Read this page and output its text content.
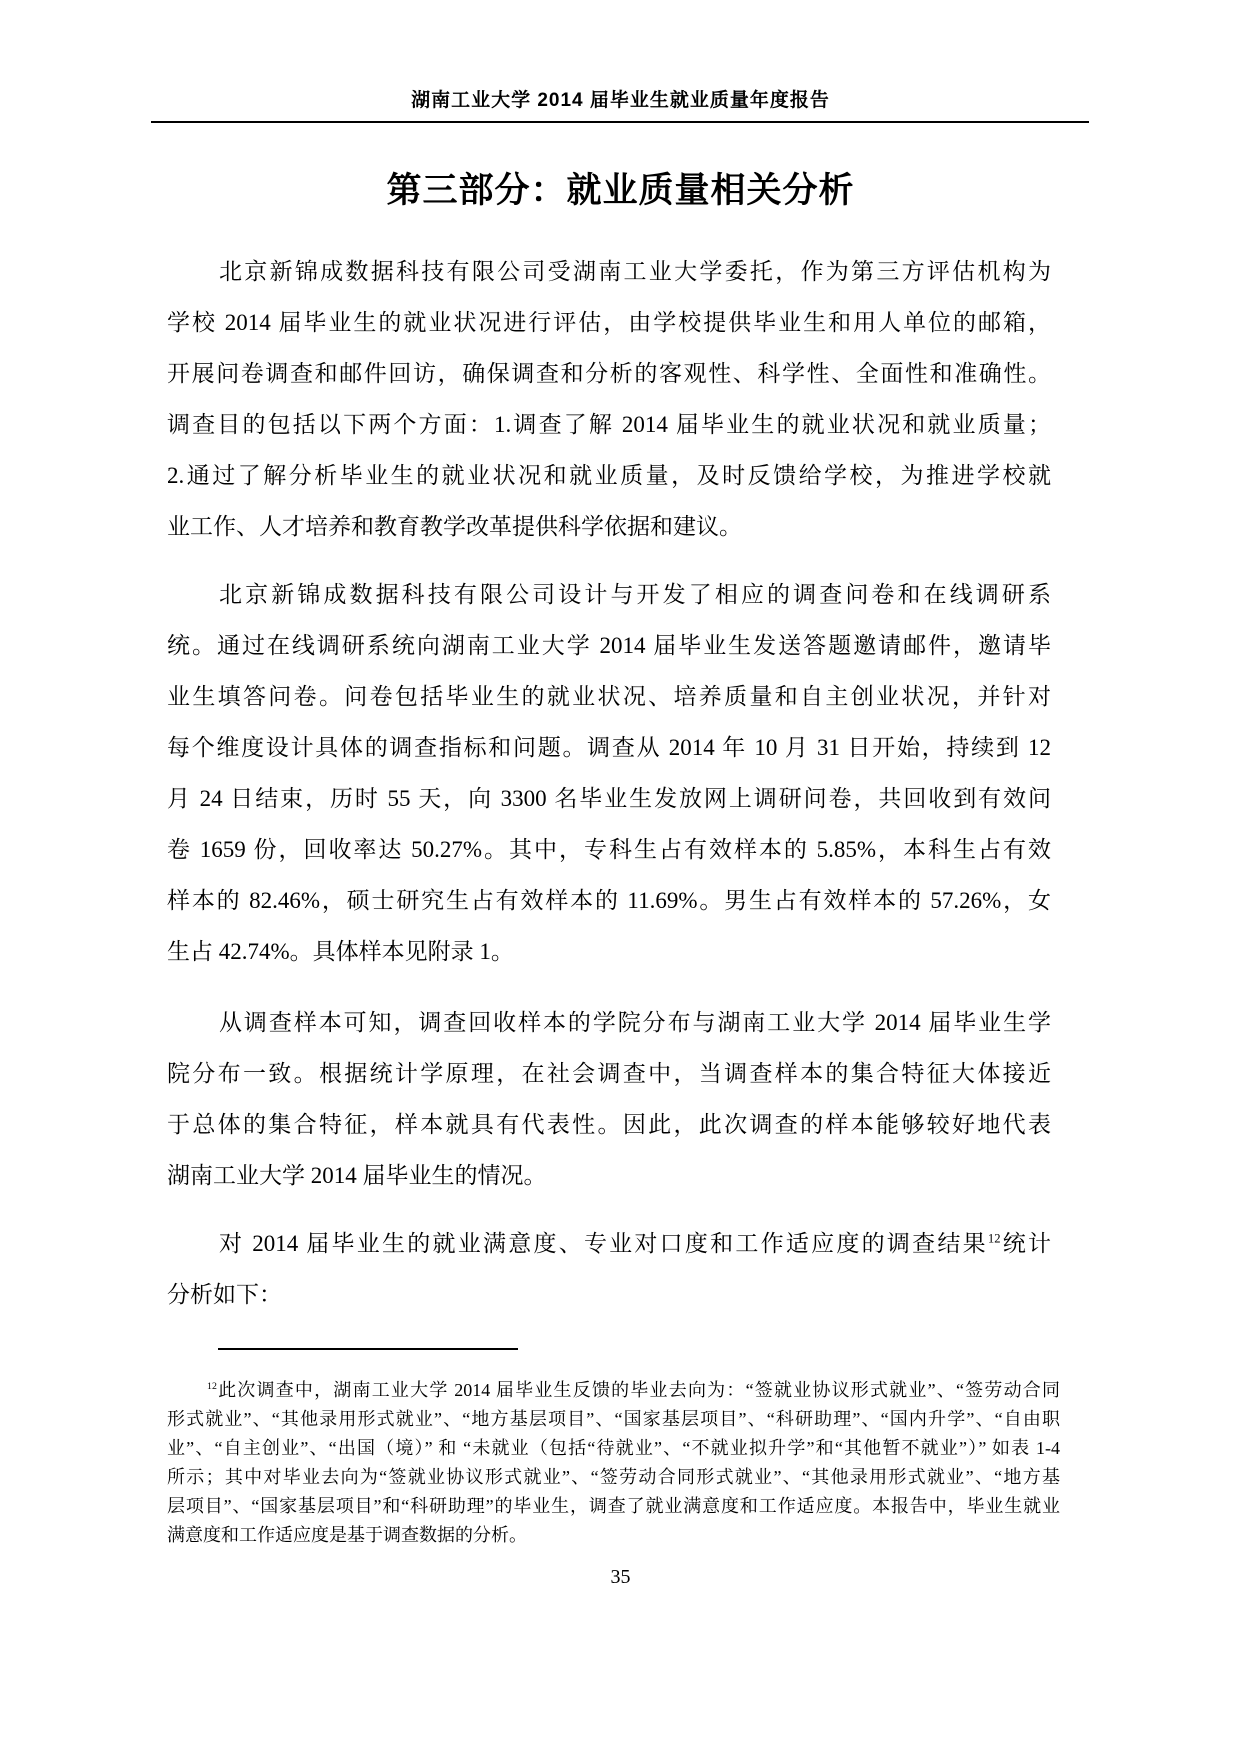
湖南工业大学 2014 届毕业生就业质量年度报告
第三部分：就业质量相关分析
北京新锦成数据科技有限公司受湖南工业大学委托，作为第三方评估机构为
学校 2014 届毕业生的就业状况进行评估，由学校提供毕业生和用人单位的邮箱，
开展问卷调查和邮件回访，确保调查和分析的客观性、科学性、全面性和准确性。
调查目的包括以下两个方面：1.调查了解 2014 届毕业生的就业状况和就业质量；
2.通过了解分析毕业生的就业状况和就业质量，及时反馈给学校，为推进学校就
业工作、人才培养和教育教学改革提供科学依据和建议。
北京新锦成数据科技有限公司设计与开发了相应的调查问卷和在线调研系
统。通过在线调研系统向湖南工业大学 2014 届毕业生发送答题邀请邮件，邀请毕
业生填答问卷。问卷包括毕业生的就业状况、培养质量和自主创业状况，并针对
每个维度设计具体的调查指标和问题。调查从 2014 年 10 月 31 日开始，持续到 12
月 24 日结束，历时 55 天，向 3300 名毕业生发放网上调研问卷，共回收到有效问
卷 1659 份，回收率达 50.27%。其中，专科生占有效样本的 5.85%，本科生占有效
样本的 82.46%，硕士研究生占有效样本的 11.69%。男生占有效样本的 57.26%，女
生占 42.74%。具体样本见附录 1。
从调查样本可知，调查回收样本的学院分布与湖南工业大学 2014 届毕业生学
院分布一致。根据统计学原理，在社会调查中，当调查样本的集合特征大体接近
于总体的集合特征，样本就具有代表性。因此，此次调查的样本能够较好地代表
湖南工业大学 2014 届毕业生的情况。
对 2014 届毕业生的就业满意度、专业对口度和工作适应度的调查结果$^{12}$统计
分析如下：
$^{12}$此次调查中，湖南工业大学 2014 届毕业生反馈的毕业去向为：“签就业协议形式就业”、“签劳动合同
形式就业”、“其他录用形式就业”、“地方基层项目”、“国家基层项目”、“科研助理”、“国内升学”、“自由职
业”、“自主创业”、“出国（境）” 和 “未就业（包括“待就业”、“不就业拟升学”和“其他暂不就业”）” 如表 1-4
所示；其中对毕业去向为“签就业协议形式就业”、“签劳动合同形式就业”、“其他录用形式就业”、“地方基
层项目”、“国家基层项目”和“科研助理”的毕业生，调查了就业满意度和工作适应度。本报告中，毕业生就业
满意度和工作适应度是基于调查数据的分析。
35
